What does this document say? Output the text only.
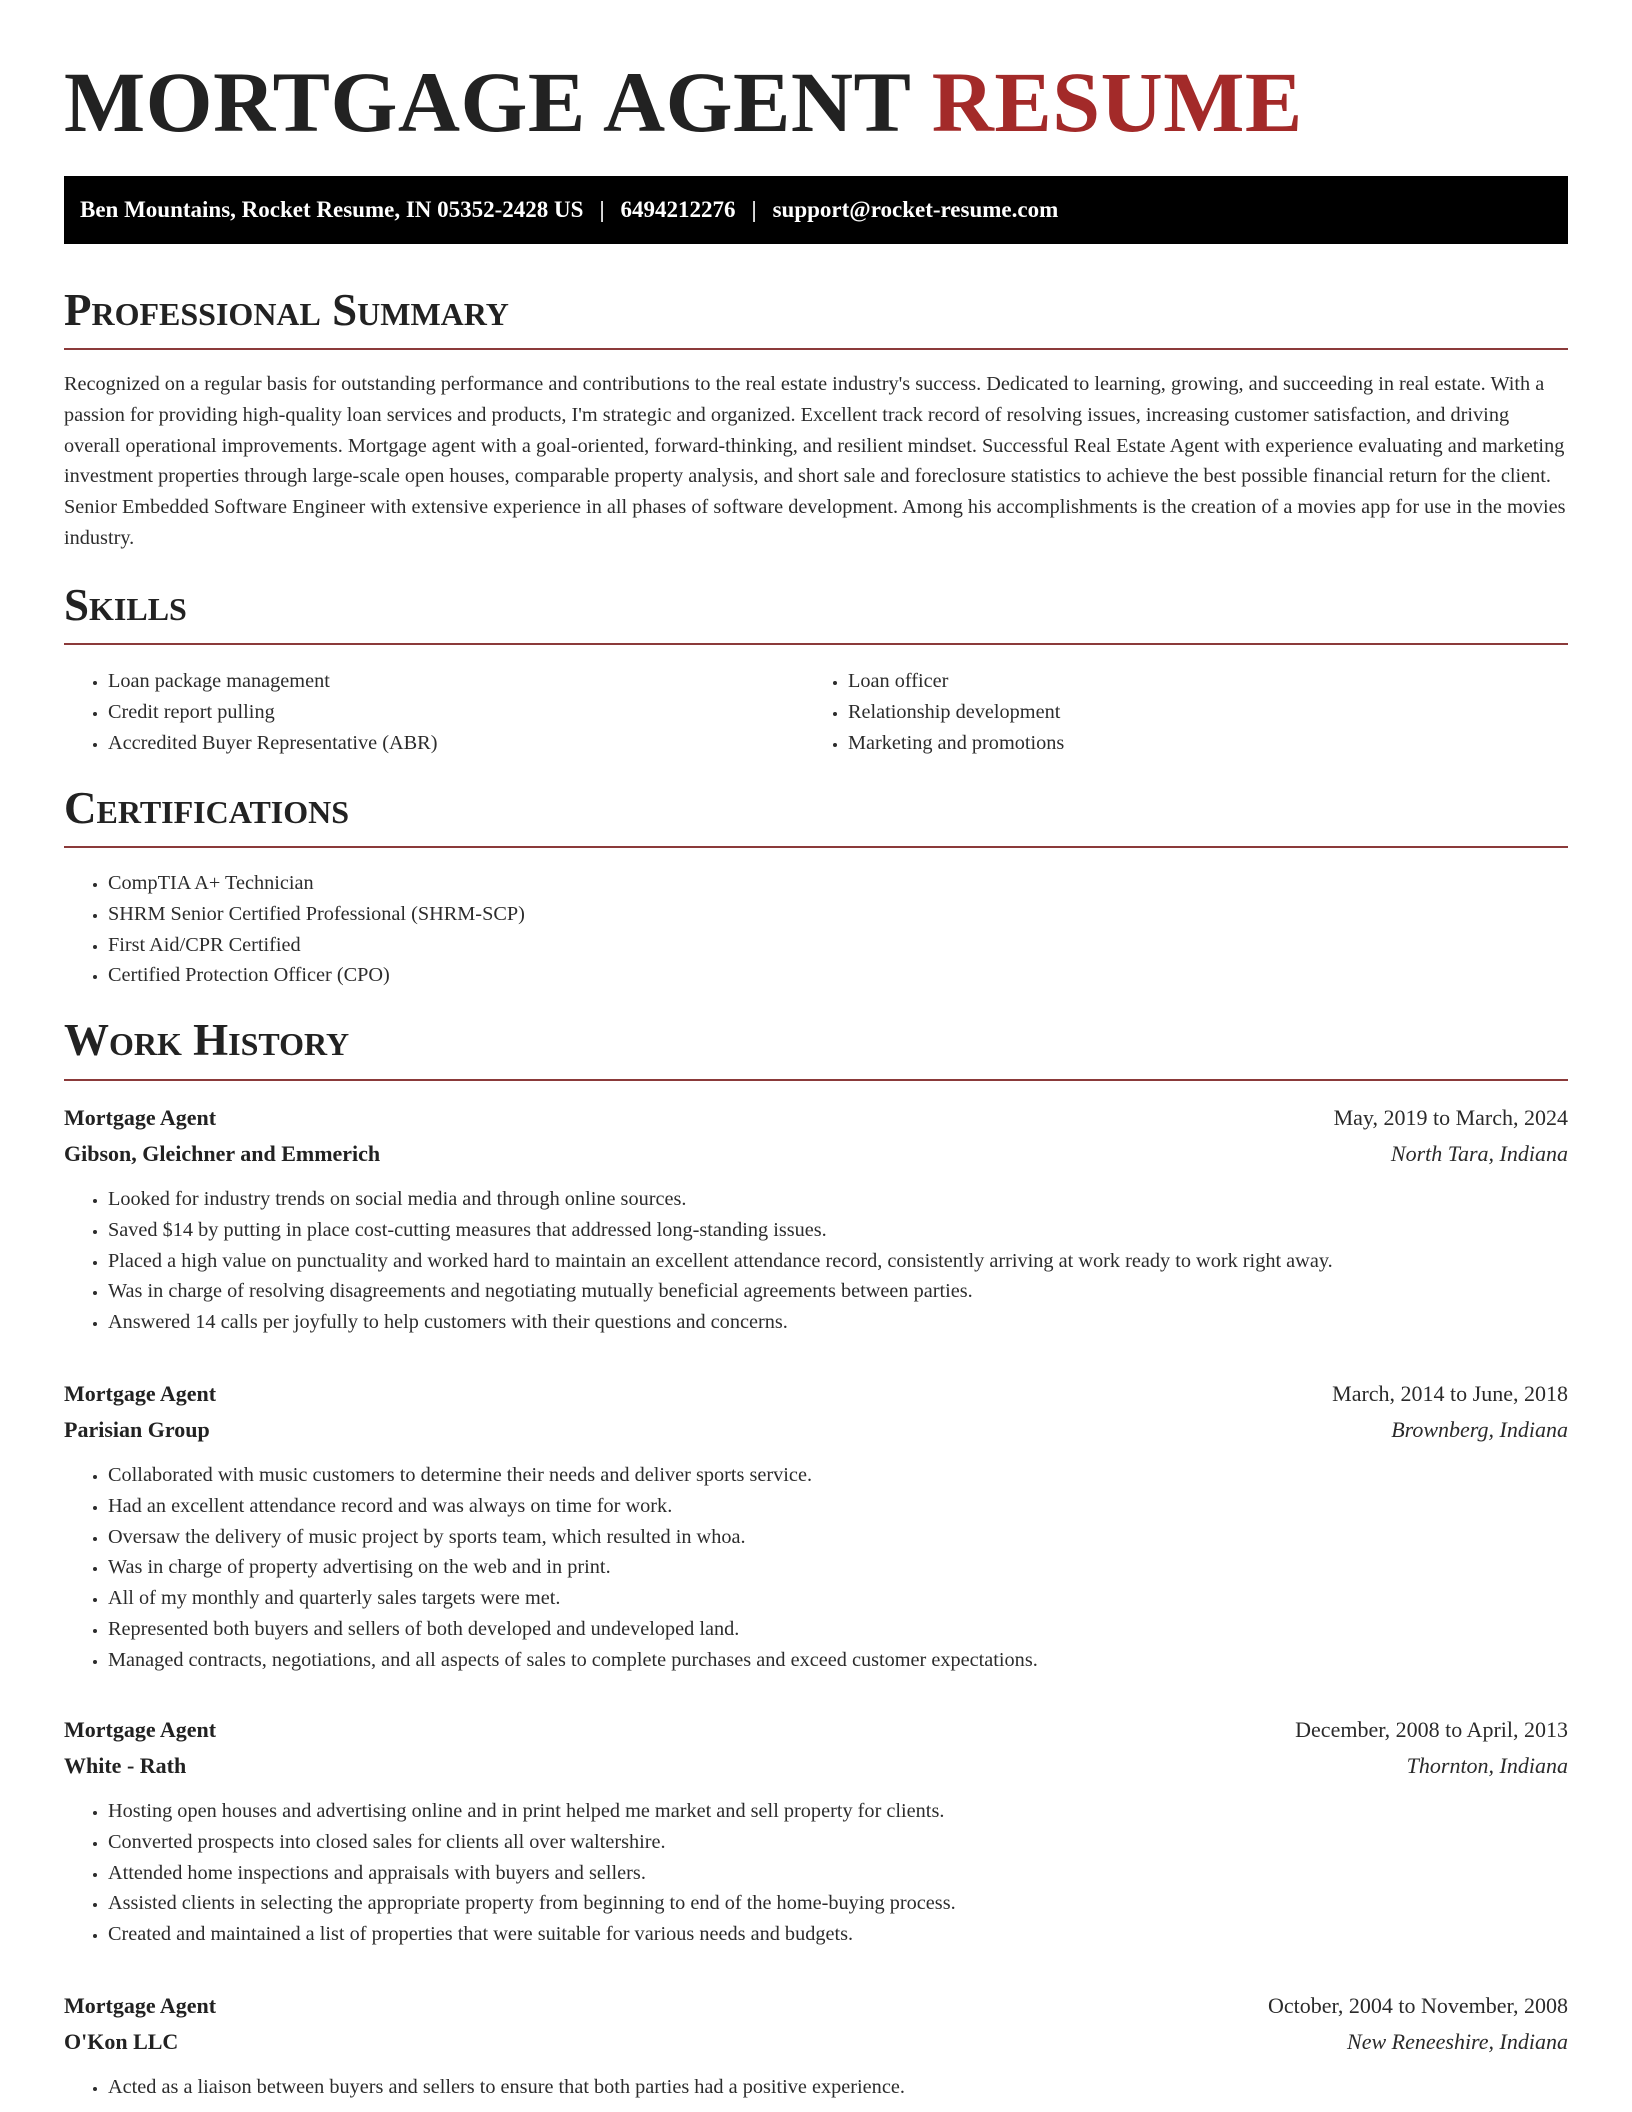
MORTGAGE AGENT RESUME
Ben Mountains, Rocket Resume, IN 05352-2428 US | 6494212276 | support@rocket-resume.com
Professional Summary

Recognized on a regular basis for outstanding performance and contributions to the real estate industry's success. Dedicated to learning, growing, and succeeding in real estate. With a passion for providing high-quality loan services and products, I'm strategic and organized. Excellent track record of resolving issues, increasing customer satisfaction, and driving overall operational improvements. Mortgage agent with a goal-oriented, forward-thinking, and resilient mindset. Successful Real Estate Agent with experience evaluating and marketing investment properties through large-scale open houses, comparable property analysis, and short sale and foreclosure statistics to achieve the best possible financial return for the client. Senior Embedded Software Engineer with extensive experience in all phases of software development. Among his accomplishments is the creation of a movies app for use in the movies industry.

Skills
• Loan package management
• Credit report pulling
• Accredited Buyer Representative (ABR)
• Loan officer
• Relationship development
• Marketing and promotions
Certifications
• CompTIA A+ Technician
• SHRM Senior Certified Professional (SHRM-SCP)
• First Aid/CPR Certified
• Certified Protection Officer (CPO)
Work History
Mortgage Agent	May, 2019 to March, 2024
Gibson, Gleichner and Emmerich	North Tara, Indiana
• Looked for industry trends on social media and through online sources.
• Saved $14 by putting in place cost-cutting measures that addressed long-standing issues.
• Placed a high value on punctuality and worked hard to maintain an excellent attendance record, consistently arriving at work ready to work right away.
• Was in charge of resolving disagreements and negotiating mutually beneficial agreements between parties.
• Answered 14 calls per joyfully to help customers with their questions and concerns.
Mortgage Agent	March, 2014 to June, 2018
Parisian Group	Brownberg, Indiana
• Collaborated with music customers to determine their needs and deliver sports service.
• Had an excellent attendance record and was always on time for work.
• Oversaw the delivery of music project by sports team, which resulted in whoa.
• Was in charge of property advertising on the web and in print.
• All of my monthly and quarterly sales targets were met.
• Represented both buyers and sellers of both developed and undeveloped land.
• Managed contracts, negotiations, and all aspects of sales to complete purchases and exceed customer expectations.
Mortgage Agent	December, 2008 to April, 2013
White - Rath	Thornton, Indiana
• Hosting open houses and advertising online and in print helped me market and sell property for clients.
• Converted prospects into closed sales for clients all over waltershire.
• Attended home inspections and appraisals with buyers and sellers.
• Assisted clients in selecting the appropriate property from beginning to end of the home-buying process.
• Created and maintained a list of properties that were suitable for various needs and budgets.
Mortgage Agent	October, 2004 to November, 2008
O'Kon LLC	New Reneeshire, Indiana
• Acted as a liaison between buyers and sellers to ensure that both parties had a positive experience.
